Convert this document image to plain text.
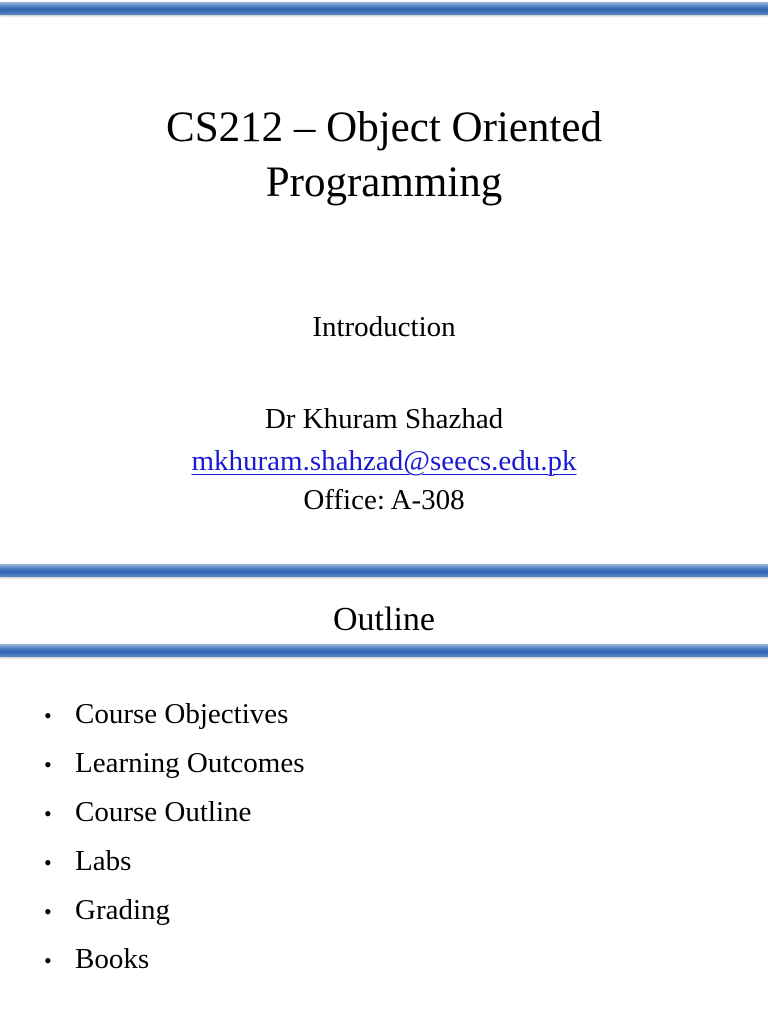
CS212 – Object Oriented
Programming
Introduction
Dr Khuram Shazhad
mkhuram.shahzad@seecs.edu.pk
Office: A-308
Outline
• Course Objectives
• Learning Outcomes
• Course Outline
• Labs
• Grading
• Books
